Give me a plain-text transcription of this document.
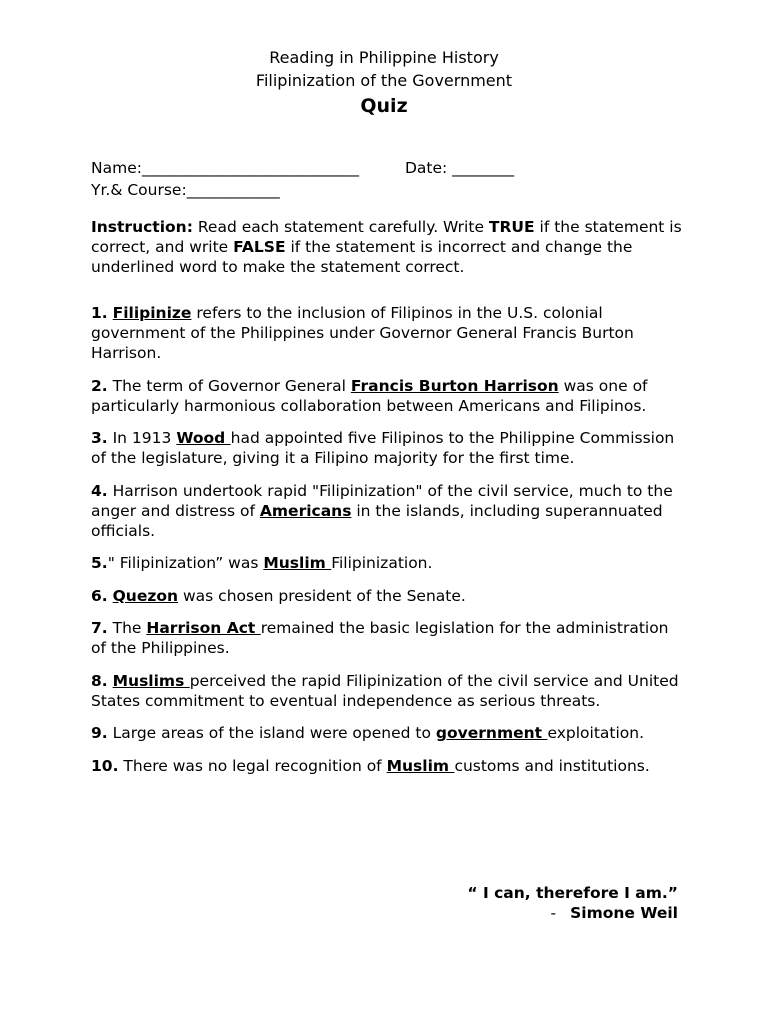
Reading in Philippine History
Filipinization of the Government
Quiz
Name:____________________________	Date: ________
Yr.& Course:____________
Instruction: Read each statement carefully. Write TRUE if the statement is correct, and write FALSE if the statement is incorrect and change the underlined word to make the statement correct.
1. Filipinize refers to the inclusion of Filipinos in the U.S. colonial government of the Philippines under Governor General Francis Burton Harrison.
2. The term of Governor General Francis Burton Harrison was one of particularly harmonious collaboration between Americans and Filipinos.
3. In 1913 Wood had appointed five Filipinos to the Philippine Commission of the legislature, giving it a Filipino majority for the first time.
4. Harrison undertook rapid "Filipinization" of the civil service, much to the anger and distress of Americans in the islands, including superannuated officials.
5." Filipinization” was Muslim Filipinization.
6. Quezon was chosen president of the Senate.
7. The Harrison Act remained the basic legislation for the administration of the Philippines.
8. Muslims perceived the rapid Filipinization of the civil service and United States commitment to eventual independence as serious threats.
9. Large areas of the island were opened to government exploitation.
10. There was no legal recognition of Muslim customs and institutions.
“ I can, therefore I am.”
- Simone Weil
